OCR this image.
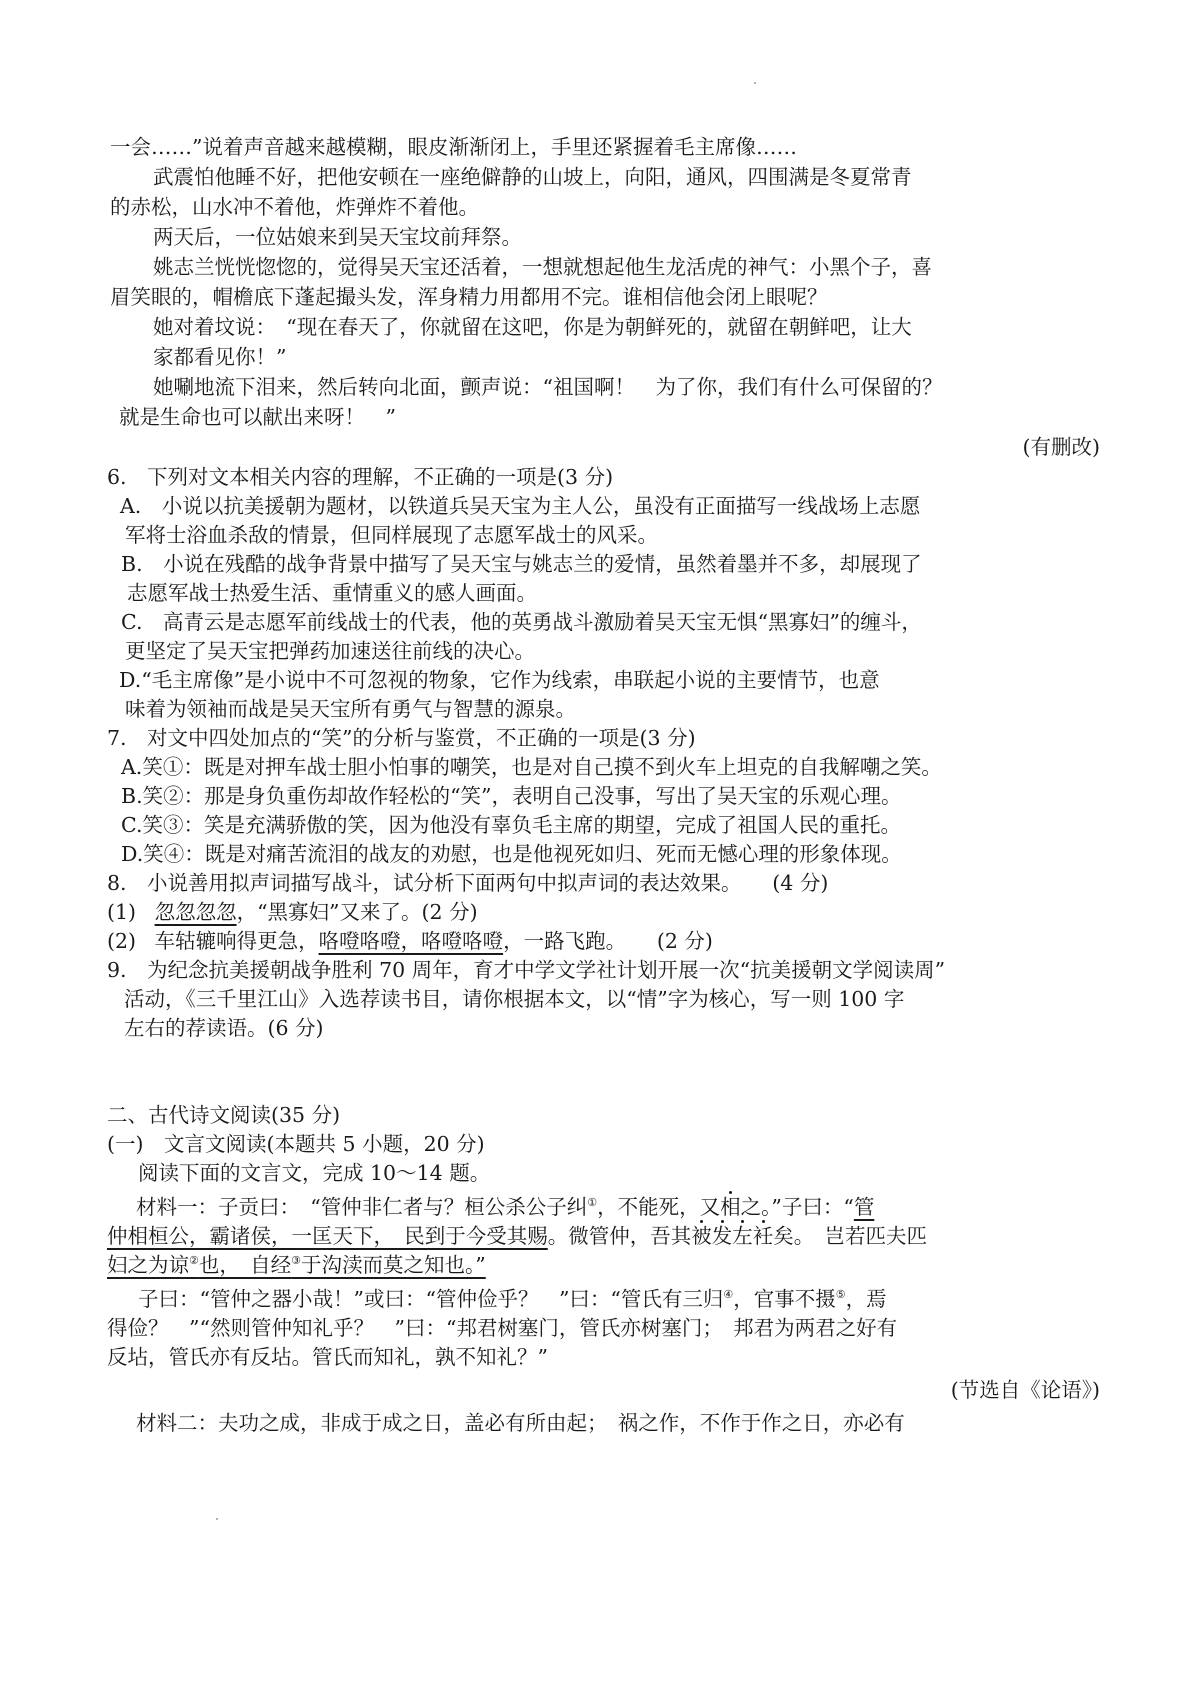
一会……”说着声音越来越模糊，眼皮渐渐闭上，手里还紧握着毛主席像……
武震怕他睡不好，把他安顿在一座绝僻静的山坡上，向阳，通风，四围满是冬夏常青
的赤松，山水冲不着他，炸弹炸不着他。
两天后，一位姑娘来到吴天宝坟前拜祭。
姚志兰恍恍惚惚的，觉得吴天宝还活着，一想就想起他生龙活虎的神气：小黑个子，喜
眉笑眼的，帽檐底下蓬起撮头发，浑身精力用都用不完。谁相信他会闭上眼呢？
她对着坟说：　“现在春天了，你就留在这吧，你是为朝鲜死的，就留在朝鲜吧，让大
家都看见你！”
她唰地流下泪来，然后转向北面，颤声说：“祖国啊！　为了你，我们有什么可保留的？
就是生命也可以献出来呀！　”
(有删改)
6.　下列对文本相关内容的理解，不正确的一项是(3 分)
A.　小说以抗美援朝为题材，以铁道兵吴天宝为主人公，虽没有正面描写一线战场上志愿
军将士浴血杀敌的情景，但同样展现了志愿军战士的风采。
B.　小说在残酷的战争背景中描写了吴天宝与姚志兰的爱情，虽然着墨并不多，却展现了
志愿军战士热爱生活、重情重义的感人画面。
C.　高青云是志愿军前线战士的代表，他的英勇战斗激励着吴天宝无惧“黑寡妇”的缠斗，
更坚定了吴天宝把弹药加速送往前线的决心。
D.“毛主席像”是小说中不可忽视的物象，它作为线索，串联起小说的主要情节，也意
味着为领袖而战是吴天宝所有勇气与智慧的源泉。
7.　对文中四处加点的“笑”的分析与鉴赏，不正确的一项是(3 分)
A.笑①：既是对押车战士胆小怕事的嘲笑，也是对自己摸不到火车上坦克的自我解嘲之笑。
B.笑②：那是身负重伤却故作轻松的“笑”，表明自己没事，写出了吴天宝的乐观心理。
C.笑③：笑是充满骄傲的笑，因为他没有辜负毛主席的期望，完成了祖国人民的重托。
D.笑④：既是对痛苦流泪的战友的劝慰，也是他视死如归、死而无憾心理的形象体现。
8.　小说善用拟声词描写战斗，试分析下面两句中拟声词的表达效果。　　(4 分)
(1) 忽忽忽忽，“黑寡妇”又来了。(2 分)
(2) 车轱辘响得更急，咯噔咯噔，咯噔咯噔，一路飞跑。　　(2 分)
9.　为纪念抗美援朝战争胜利 70 周年，育才中学文学社计划开展一次“抗美援朝文学阅读周”
活动，《三千里江山》入选荐读书目，请你根据本文，以“情”字为核心，写一则 100 字
左右的荐读语。(6 分)
二、古代诗文阅读(35 分)
(一)　文言文阅读(本题共 5 小题，20 分)
阅读下面的文言文，完成 10～14 题。
材料一：子贡曰：　“管仲非仁者与？桓公杀公子纠①，不能死，又相之。”子曰：“管
仲相桓公，霸诸侯，一匡天下，　民到于今受其赐。微管仲，吾其被发左衽矣。　岂若匹夫匹
妇之为谅②也，　自经③于沟渎而莫之知也。”
子曰：“管仲之器小哉！”或曰：“管仲俭乎？　”曰：“管氏有三归④，官事不摄⑤，焉
得俭？　”“然则管仲知礼乎？　”曰：“邦君树塞门，管氏亦树塞门；　邦君为两君之好有
反坫，管氏亦有反坫。管氏而知礼，孰不知礼？”
(节选自《论语》)
材料二：夫功之成，非成于成之日，盖必有所由起；　祸之作，不作于作之日，亦必有
